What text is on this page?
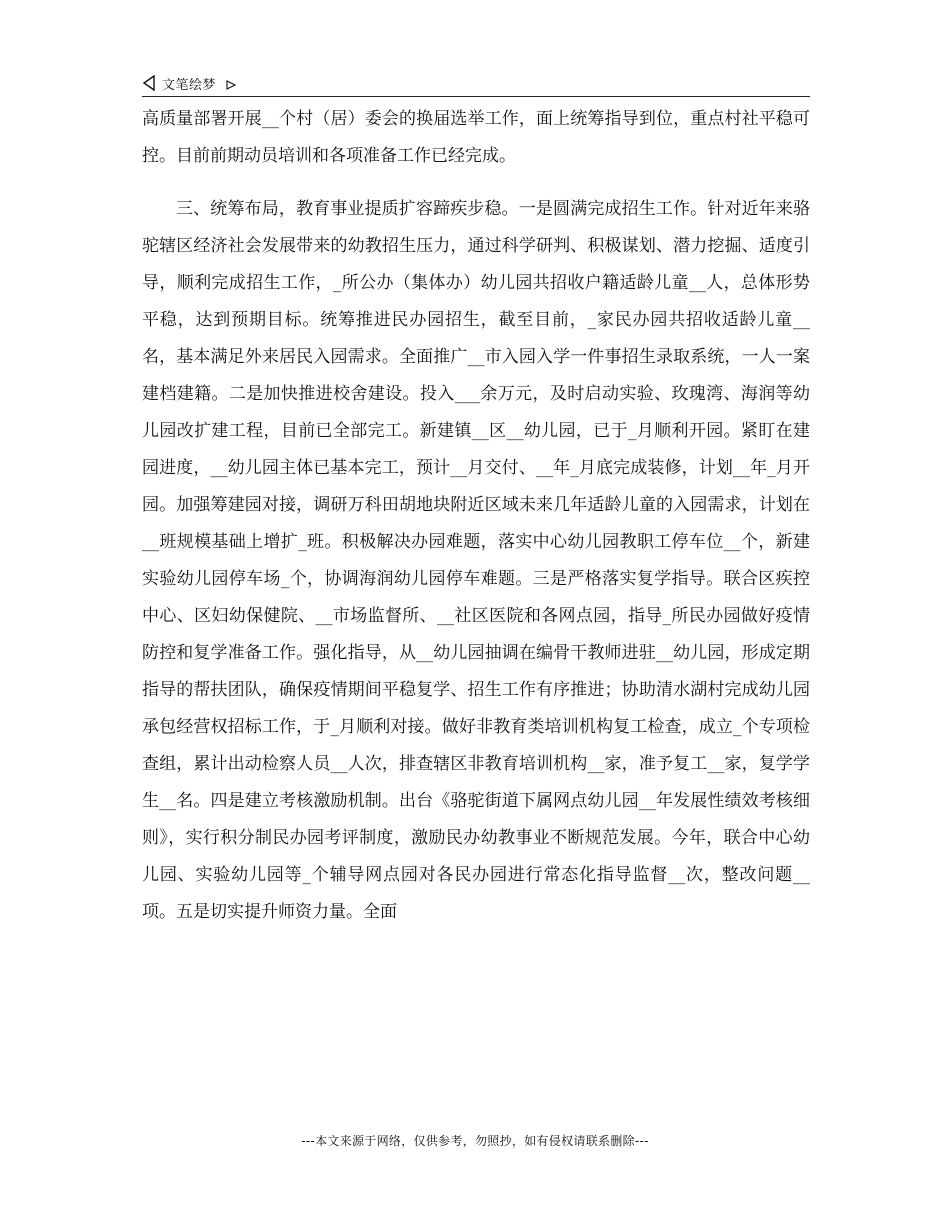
文笔绘梦

高质量部署开展__个村（居）委会的换届选举工作，面上统筹指导到位，重点村社平稳可控。目前前期动员培训和各项准备工作已经完成。

三、统筹布局，教育事业提质扩容蹄疾步稳。一是圆满完成招生工作。针对近年来骆驼辖区经济社会发展带来的幼教招生压力，通过科学研判、积极谋划、潜力挖掘、适度引导，顺利完成招生工作，_所公办（集体办）幼儿园共招收户籍适龄儿童__人，总体形势平稳，达到预期目标。统筹推进民办园招生，截至目前，_家民办园共招收适龄儿童__名，基本满足外来居民入园需求。全面推广__市入园入学一件事招生录取系统，一人一案建档建籍。二是加快推进校舍建设。投入___余万元，及时启动实验、玫瑰湾、海润等幼儿园改扩建工程，目前已全部完工。新建镇__区__幼儿园，已于_月顺利开园。紧盯在建园进度，__幼儿园主体已基本完工，预计__月交付、__年_月底完成装修，计划__年_月开园。加强筹建园对接，调研万科田胡地块附近区域未来几年适龄儿童的入园需求，计划在__班规模基础上增扩_班。积极解决办园难题，落实中心幼儿园教职工停车位__个，新建实验幼儿园停车场_个，协调海润幼儿园停车难题。三是严格落实复学指导。联合区疾控中心、区妇幼保健院、__市场监督所、__社区医院和各网点园，指导_所民办园做好疫情防控和复学准备工作。强化指导，从__幼儿园抽调在编骨干教师进驻__幼儿园，形成定期指导的帮扶团队，确保疫情期间平稳复学、招生工作有序推进；协助清水湖村完成幼儿园承包经营权招标工作，于_月顺利对接。做好非教育类培训机构复工检查，成立_个专项检查组，累计出动检察人员__人次，排查辖区非教育培训机构__家，准予复工__家，复学学生__名。四是建立考核激励机制。出台《骆驼街道下属网点幼儿园__年发展性绩效考核细则》，实行积分制民办园考评制度，激励民办幼教事业不断规范发展。今年，联合中心幼儿园、实验幼儿园等_个辅导网点园对各民办园进行常态化指导监督__次，整改问题__项。五是切实提升师资力量。全面

---本文来源于网络，仅供参考，勿照抄，如有侵权请联系删除---
